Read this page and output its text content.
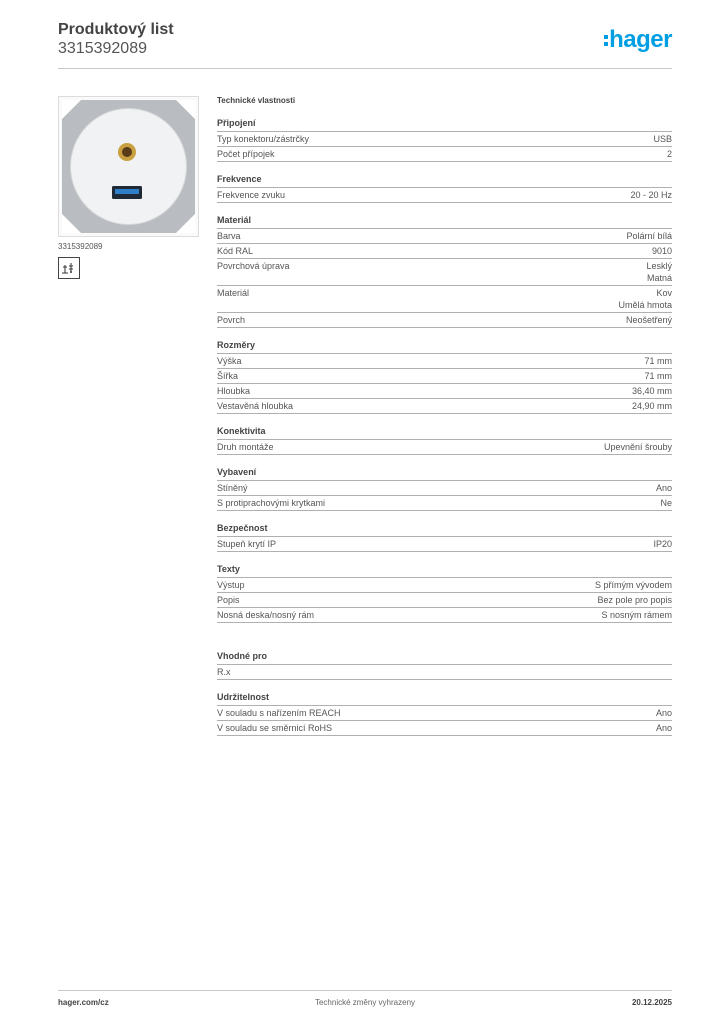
Produktový list
3315392089	hager
3315392089
Technické vlastnosti
Připojení
Typ konektoru/zástrčky	USB
Počet přípojek	2
Frekvence
Frekvence zvuku	20 - 20 Hz
Materiál
Barva	Polární bílá
Kód RAL	9010
Povrchová úprava	Lesklý
Matná
Materiál	Kov
Umělá hmota
Povrch	Neošetřený
Rozměry
Výška	71 mm
Šířka	71 mm
Hloubka	36,40 mm
Vestavěná hloubka	24,90 mm
Konektivita
Druh montáže	Upevnění šrouby
Vybavení
Stíněný	Ano
S protiprachovými krytkami	Ne
Bezpečnost
Stupeň krytí IP	IP20
Texty
Výstup	S přímým vývodem
Popis	Bez pole pro popis
Nosná deska/nosný rám	S nosným rámem
Vhodné pro
R.x
Udržitelnost
V souladu s nařízením REACH	Ano
V souladu se směrnicí RoHS	Ano
hager.com/cz	Technické změny vyhrazeny	20.12.2025
